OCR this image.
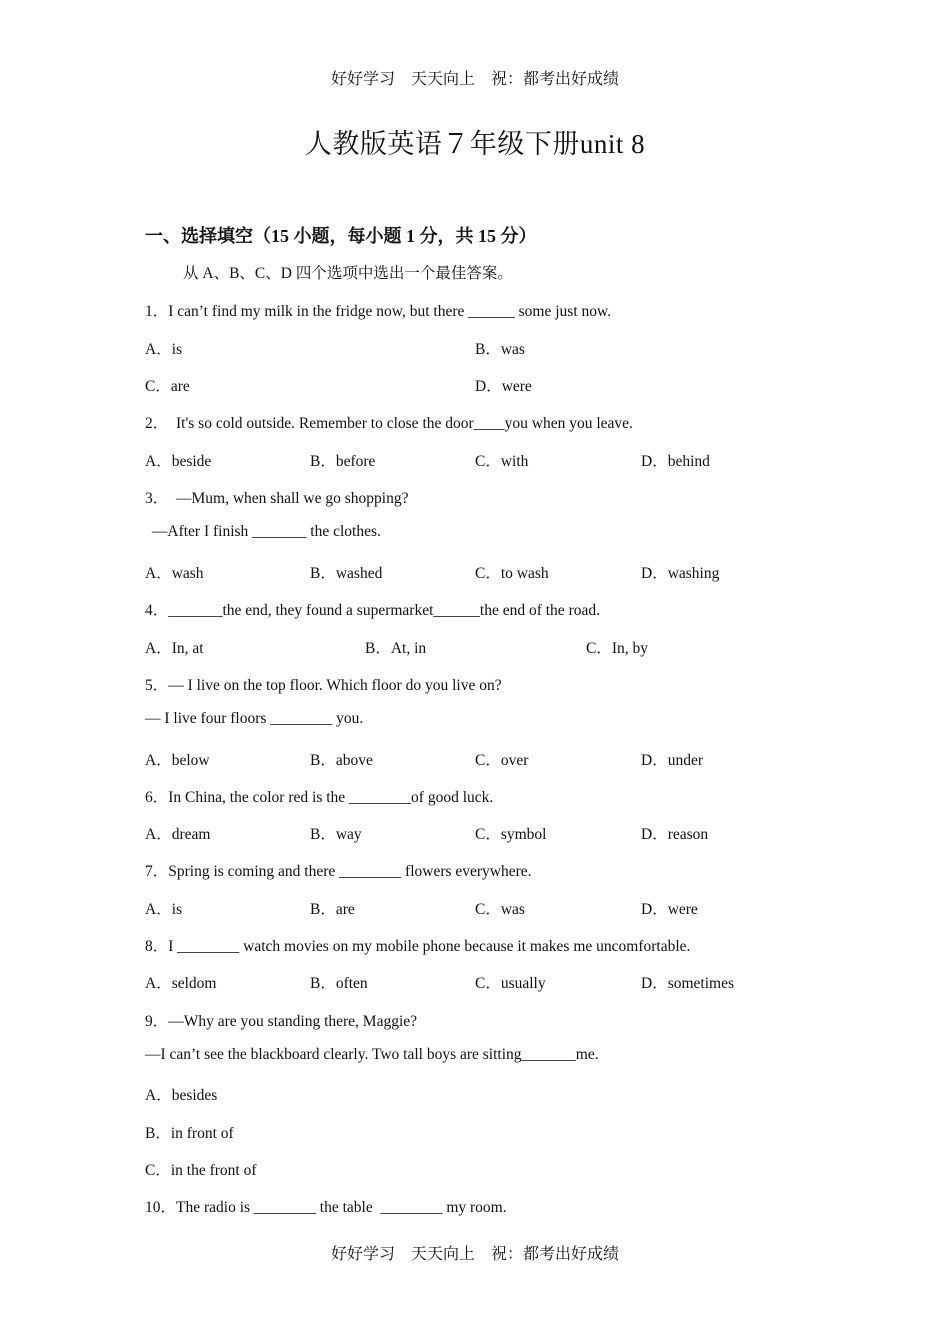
好好学习　天天向上　祝：都考出好成绩
人教版英语７年级下册unit 8
一、选择填空（15 小题，每小题 1 分，共 15 分）
从 A、B、C、D 四个选项中选出一个最佳答案。
1．I can’t find my milk in the fridge now, but there ______ some just now.
A．is	B．was
C．are	D．were
2．  It's so cold outside. Remember to close the door____you when you leave.
A．beside	B．before	C．with	D．behind
3．  —Mum, when shall we go shopping?
—After I finish _______ the clothes.
A．wash	B．washed	C．to wash	D．washing
4．_______the end, they found a supermarket______the end of the road.
A．In, at	B．At, in	C．In, by
5．— I live on the top floor. Which floor do you live on?
— I live four floors ________ you.
A．below	B．above	C．over	D．under
6．In China, the color red is the ________of good luck.
A．dream	B．way	C．symbol	D．reason
7．Spring is coming and there ________ flowers everywhere.
A．is	B．are	C．was	D．were
8．I ________ watch movies on my mobile phone because it makes me uncomfortable.
A．seldom	B．often	C．usually	D．sometimes
9．—Why are you standing there, Maggie?
—I can’t see the blackboard clearly. Two tall boys are sitting_______me.
A．besides
B．in front of
C．in the front of
10．The radio is ________ the table  ________ my room.
好好学习　天天向上　祝：都考出好成绩
